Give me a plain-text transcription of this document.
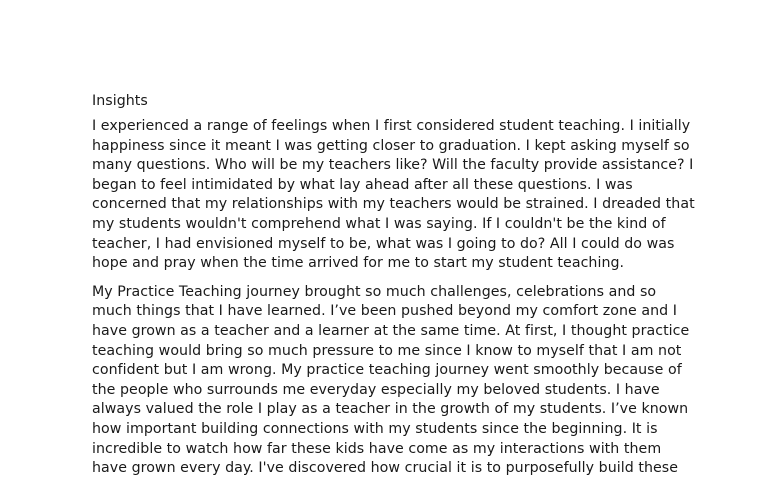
Insights

I experienced a range of feelings when I first considered student teaching. I initially
happiness since it meant I was getting closer to graduation. I kept asking myself so
many questions. Who will be my teachers like? Will the faculty provide assistance? I
began to feel intimidated by what lay ahead after all these questions. I was
concerned that my relationships with my teachers would be strained. I dreaded that
my students wouldn't comprehend what I was saying. If I couldn't be the kind of
teacher, I had envisioned myself to be, what was I going to do? All I could do was
hope and pray when the time arrived for me to start my student teaching.

My Practice Teaching journey brought so much challenges, celebrations and so
much things that I have learned. I’ve been pushed beyond my comfort zone and I
have grown as a teacher and a learner at the same time. At first, I thought practice
teaching would bring so much pressure to me since I know to myself that I am not
confident but I am wrong. My practice teaching journey went smoothly because of
the people who surrounds me everyday especially my beloved students. I have
always valued the role I play as a teacher in the growth of my students. I’ve known
how important building connections with my students since the beginning. It is
incredible to watch how far these kids have come as my interactions with them
have grown every day. I've discovered how crucial it is to purposefully build these
